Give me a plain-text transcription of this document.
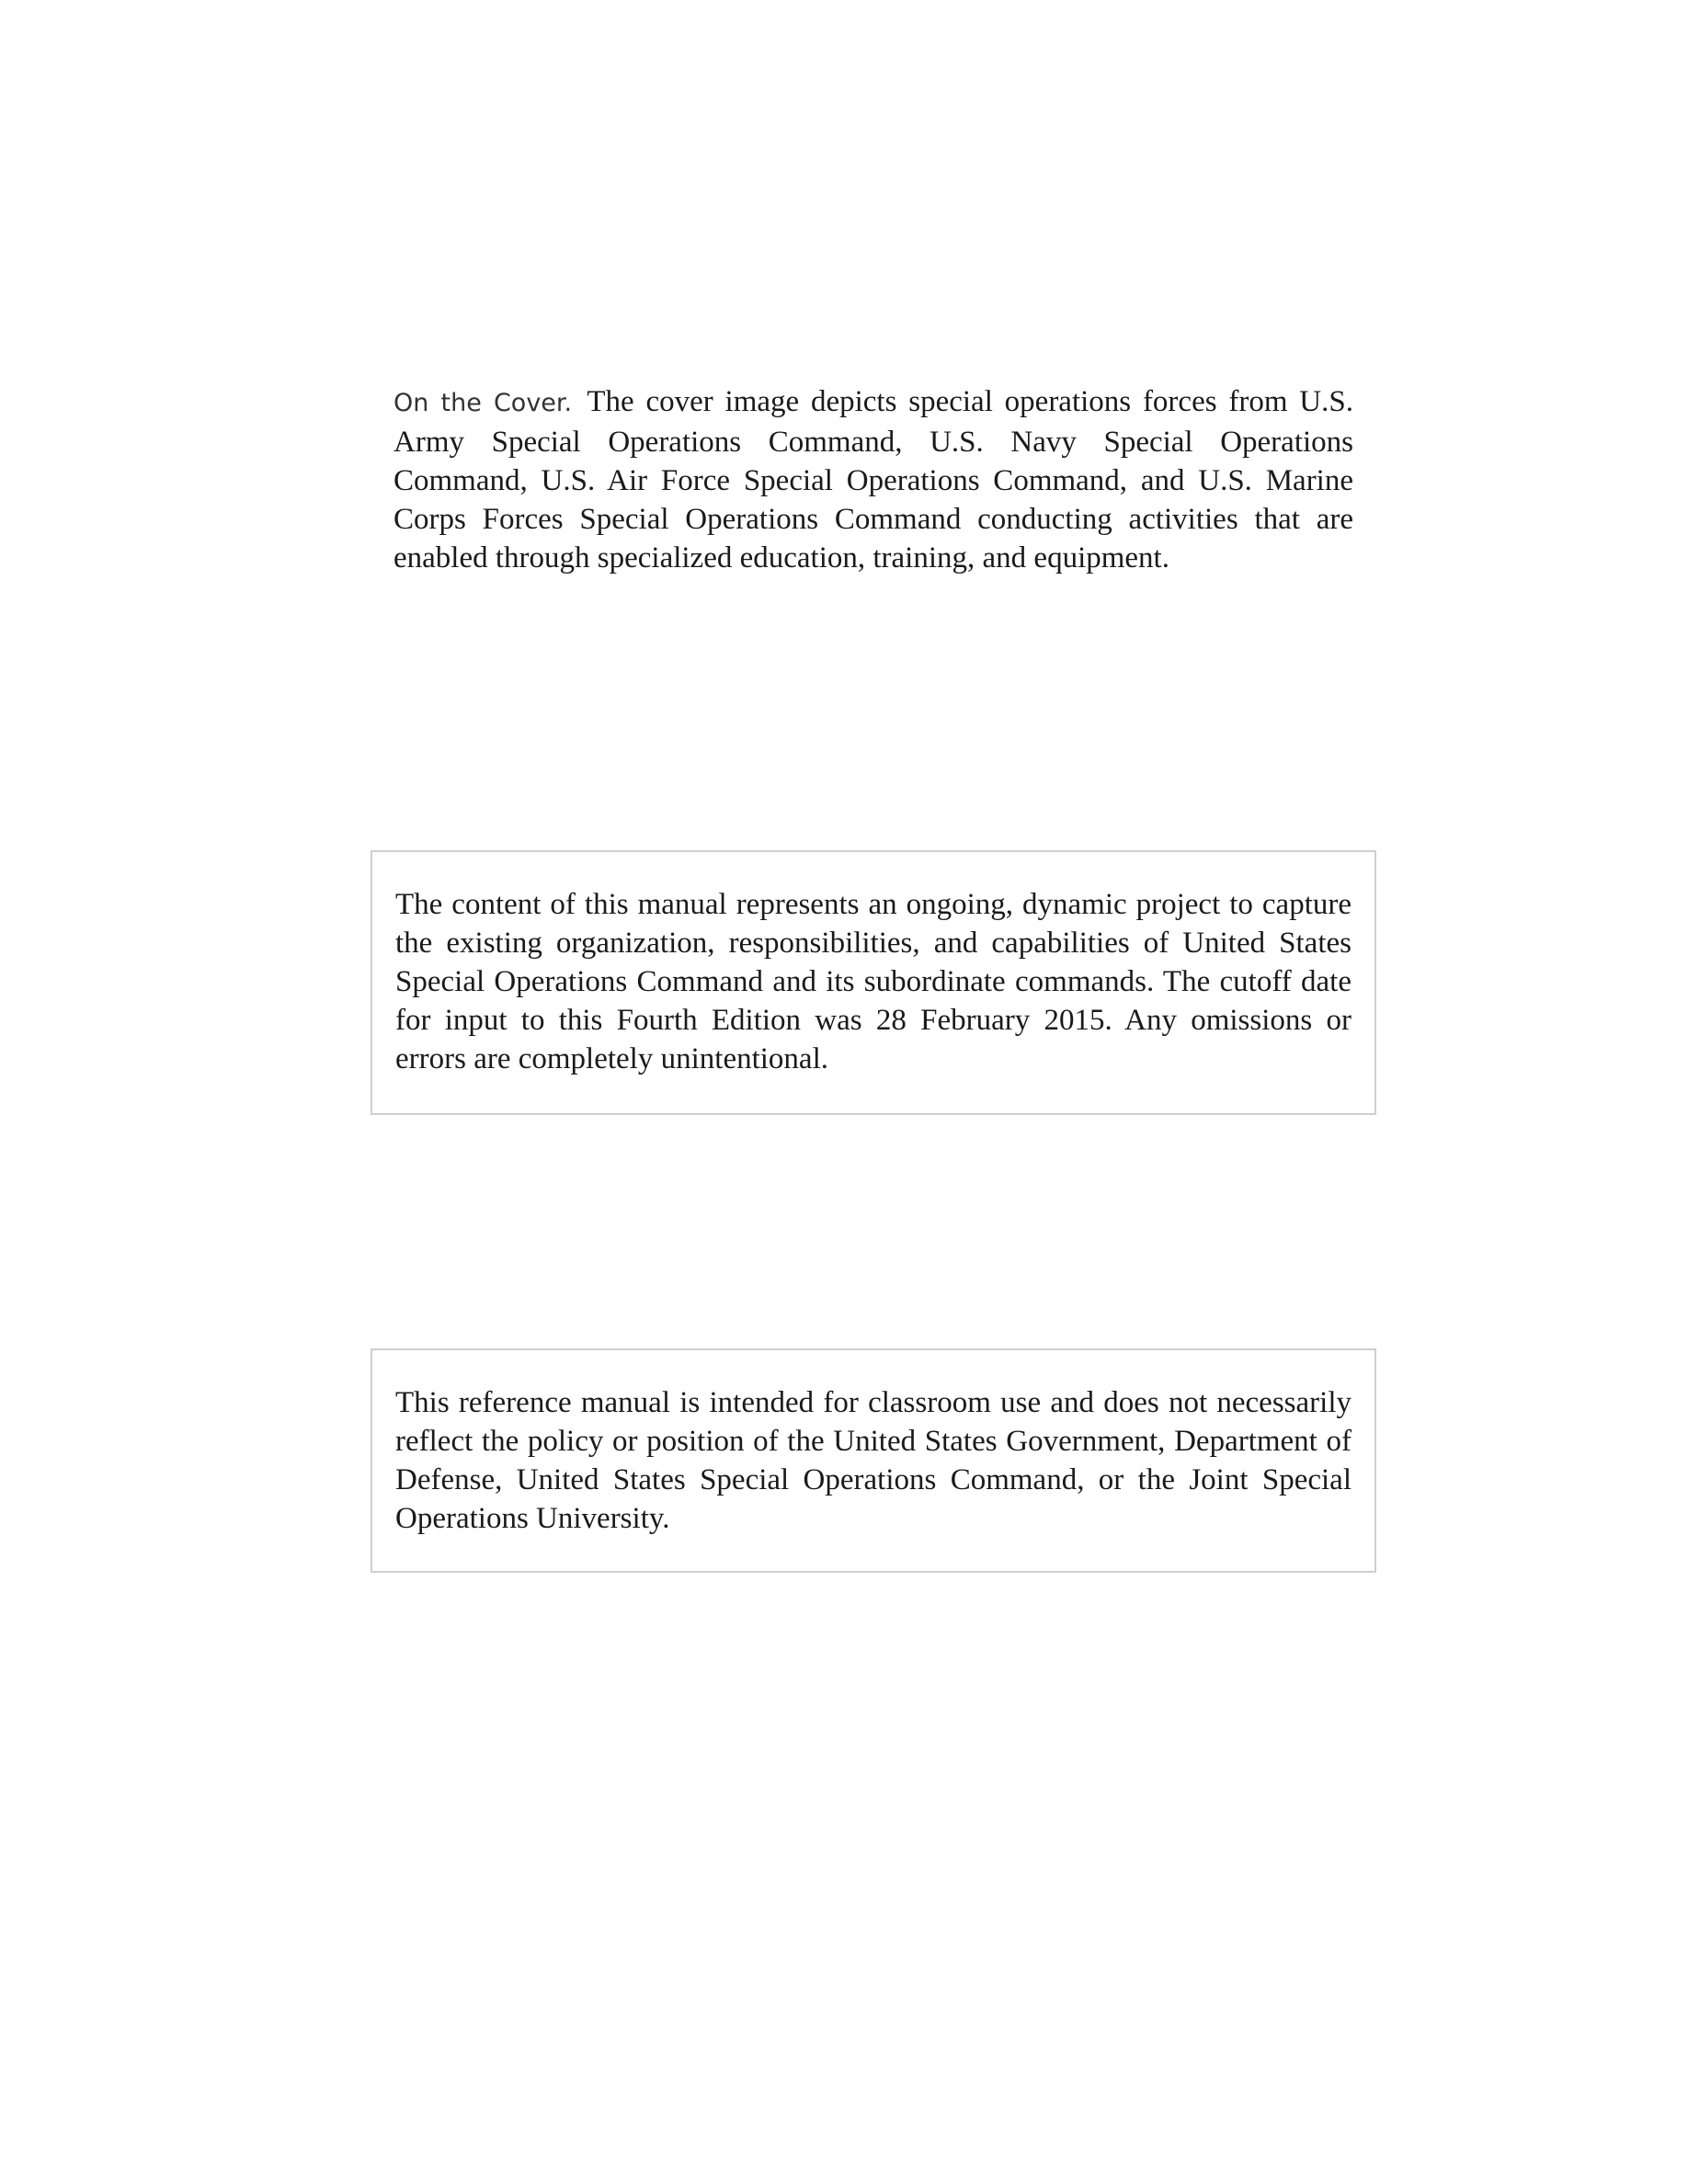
On the Cover. The cover image depicts special operations forces from U.S. Army Special Operations Command, U.S. Navy Special Operations Command, U.S. Air Force Special Operations Command, and U.S. Marine Corps Forces Special Operations Command conducting activities that are enabled through specialized education, training, and equipment.

The content of this manual represents an ongoing, dynamic project to capture the existing organization, responsibilities, and capabilities of United States Special Operations Command and its subordinate commands. The cutoff date for input to this Fourth Edition was 28 February 2015. Any omissions or errors are completely unintentional.

This reference manual is intended for classroom use and does not necessarily reflect the policy or position of the United States Government, Department of Defense, United States Special Operations Command, or the Joint Special Operations University.
